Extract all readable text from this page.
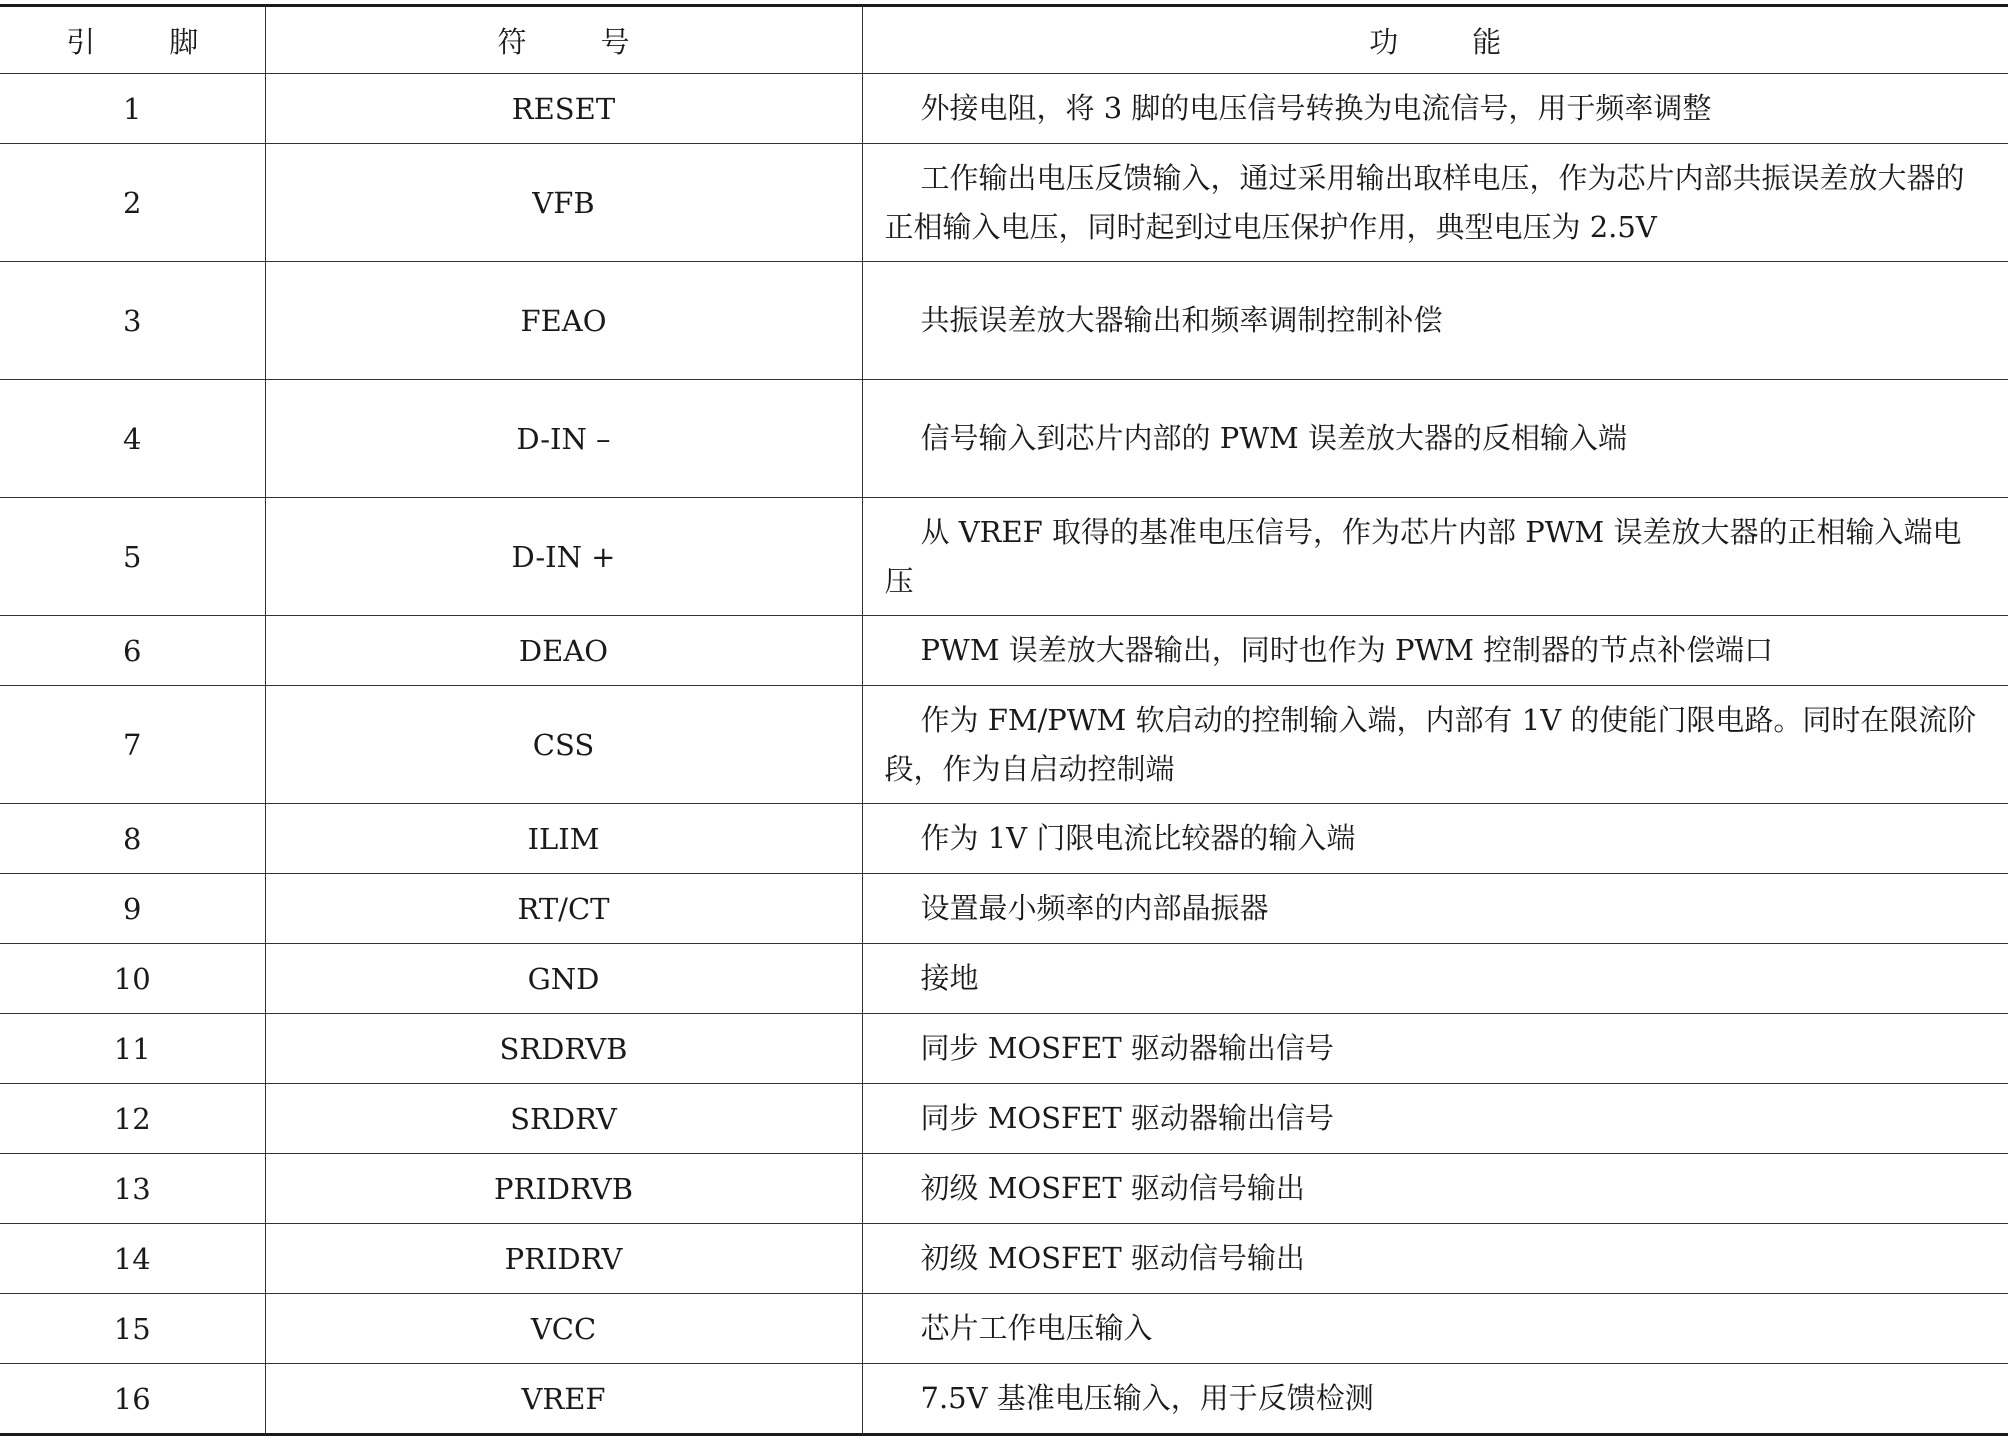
引 脚	符 号	功 能
1	RESET	外接电阻，将 3 脚的电压信号转换为电流信号，用于频率调整
2	VFB	工作输出电压反馈输入，通过采用输出取样电压，作为芯片内部共振误差放大器的正相输入电压，同时起到过电压保护作用，典型电压为 2.5V
3	FEAO	共振误差放大器输出和频率调制控制补偿
4	D-IN –	信号输入到芯片内部的 PWM 误差放大器的反相输入端
5	D-IN +	从 VREF 取得的基准电压信号，作为芯片内部 PWM 误差放大器的正相输入端电压
6	DEAO	PWM 误差放大器输出，同时也作为 PWM 控制器的节点补偿端口
7	CSS	作为 FM/PWM 软启动的控制输入端，内部有 1V 的使能门限电路。同时在限流阶段，作为自启动控制端
8	ILIM	作为 1V 门限电流比较器的输入端
9	RT/CT	设置最小频率的内部晶振器
10	GND	接地
11	SRDRVB	同步 MOSFET 驱动器输出信号
12	SRDRV	同步 MOSFET 驱动器输出信号
13	PRIDRVB	初级 MOSFET 驱动信号输出
14	PRIDRV	初级 MOSFET 驱动信号输出
15	VCC	芯片工作电压输入
16	VREF	7.5V 基准电压输入，用于反馈检测
